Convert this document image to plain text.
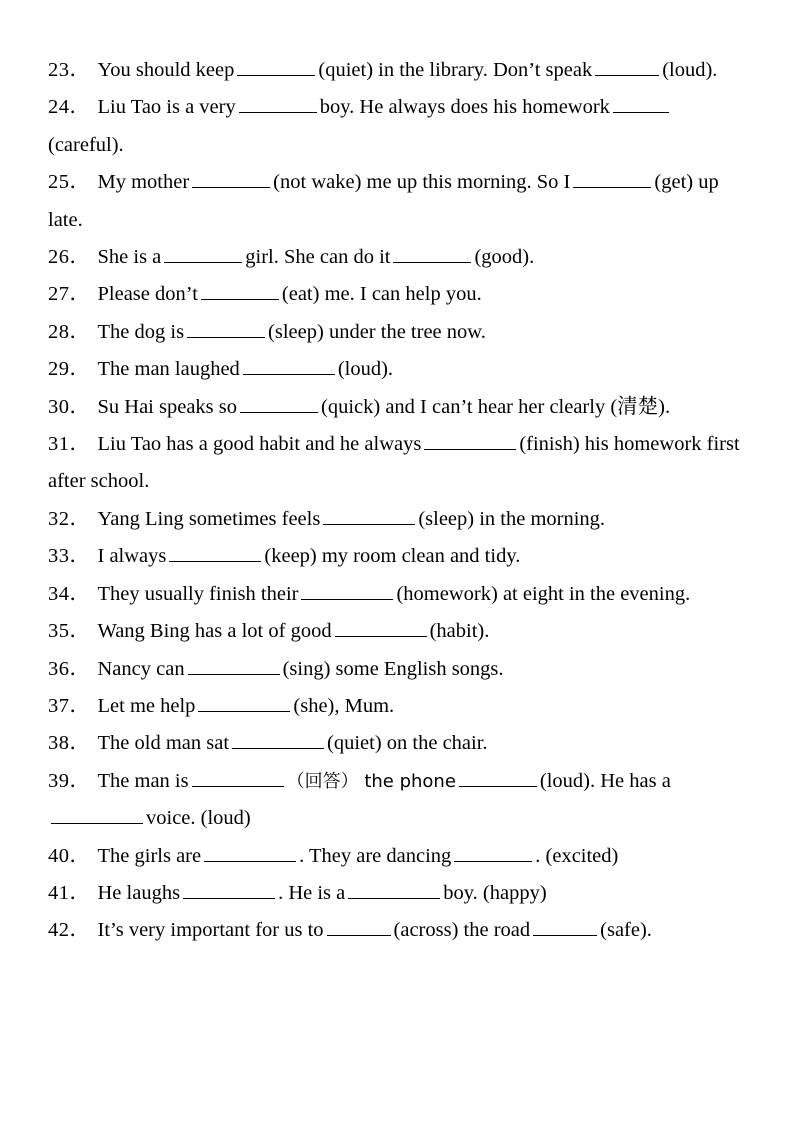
23． You should keep	(quiet) in the library. Don’t speak	(loud).
24． Liu Tao is a very	boy. He always does his homework(careful).
25． My mother	(not wake) me up this morning. So I	(get) up late.
26． She is a	girl. She can do it	(good).
27． Please don’t	(eat) me. I can help you.
28． The dog is	(sleep) under the tree now.
29． The man laughed	(loud).
30． Su Hai speaks so	(quick) and I can’t hear her clearly (清楚).
31． Liu Tao has a good habit and he always	(finish) his homework first after school.
32． Yang Ling sometimes feels	(sleep) in the morning.
33． I always	(keep) my room clean and tidy.
34． They usually finish their	(homework) at eight in the evening.
35． Wang Bing has a lot of good	(habit).
36． Nancy can	(sing) some English songs.
37． Let me help	(she), Mum.
38． The old man sat	(quiet) on the chair.
39． The man is	（回答） the phone	(loud). He has avoice. (loud)
40． The girls are	. They are dancing	. (excited)
41． He laughs	. He is a	boy. (happy)
42． It’s very important for us to	(across) the road	(safe).
